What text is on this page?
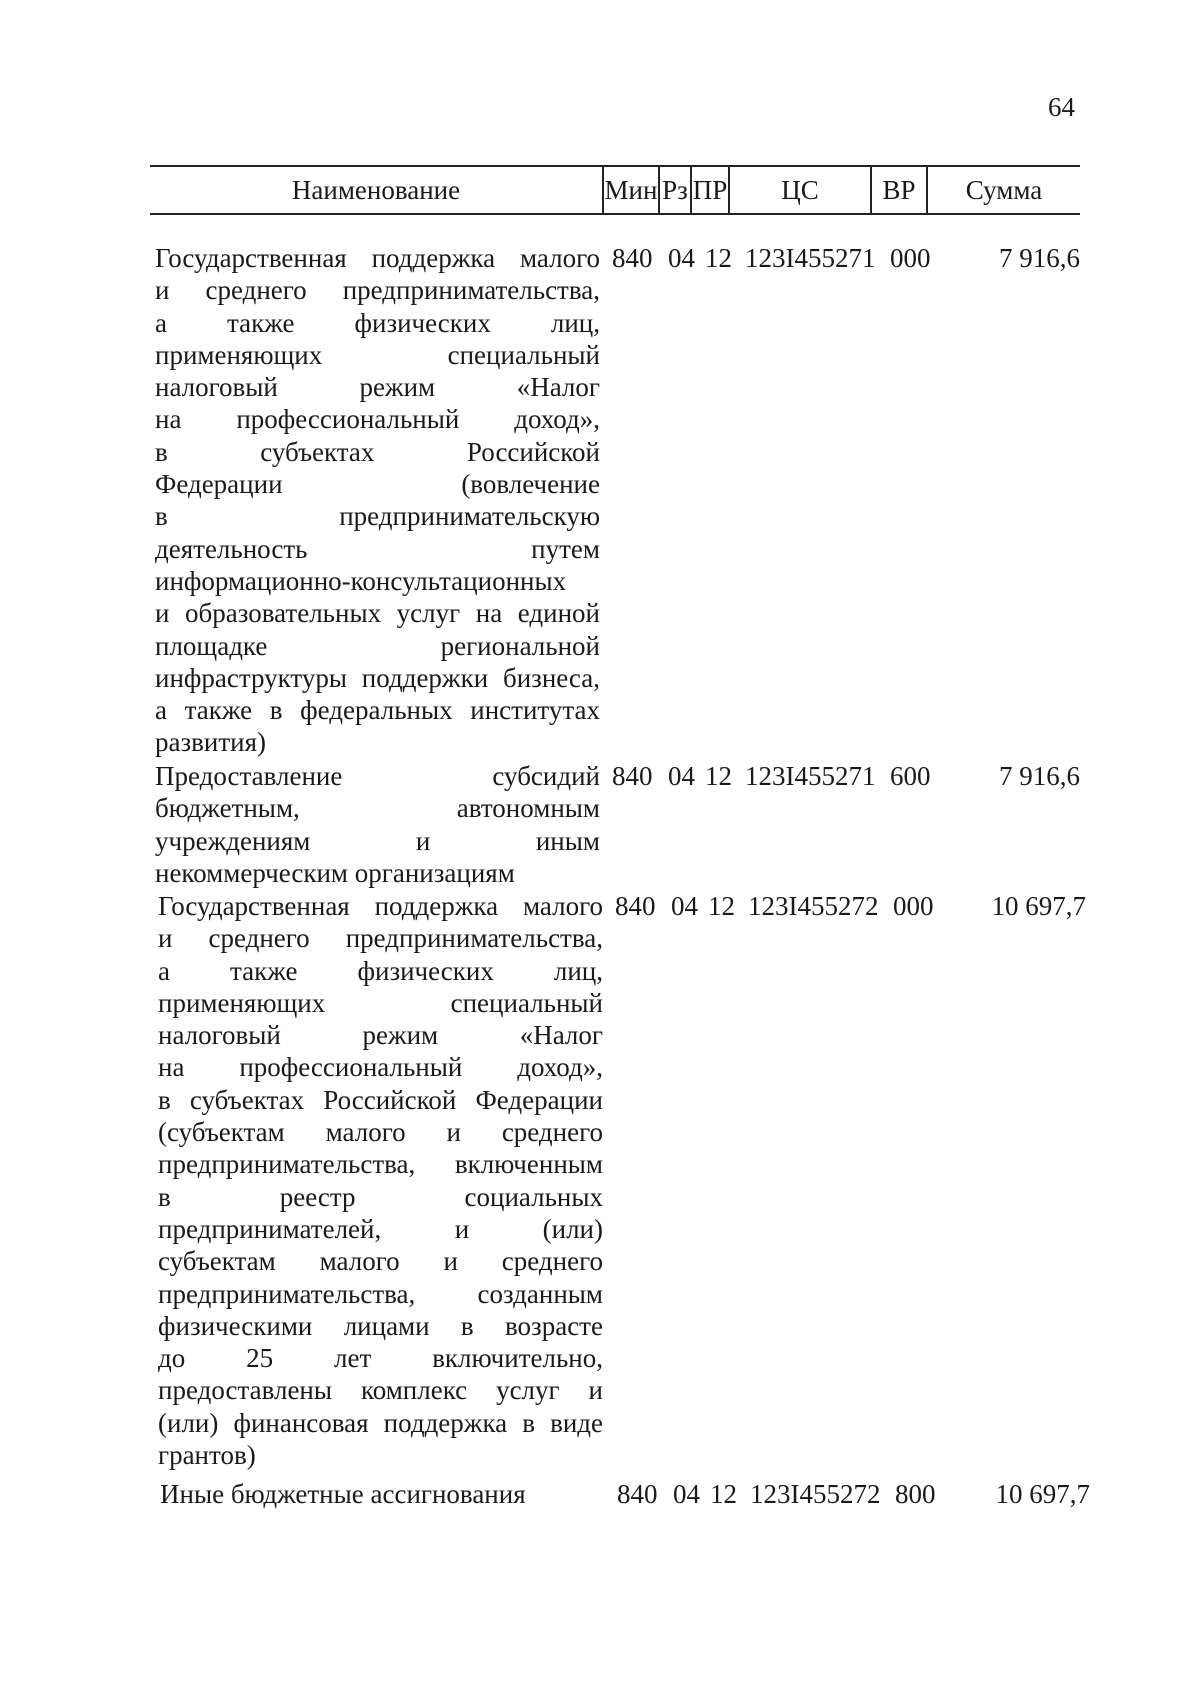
64
Наименование	Мин Рз ПР	ЦС	ВР	Сумма
Государственная поддержка малого
и среднего предпринимательства,
а также физических лиц,
применяющих	специальный
налоговый	режим	«Налог
на профессиональный доход»,
в	субъектах	Российской
Федерации	(вовлечение
в	предпринимательскую
деятельность	путем
информационно-консультационных
и образовательных услуг на единой
площадке	региональной
инфраструктуры поддержки бизнеса,
а также в федеральных институтах
развития)
840 04 12 123I455271 000	7 916,6
Предоставление	субсидий
бюджетным,	автономным
учреждениям	и	иным
некоммерческим организациям
840 04 12 123I455271 600	7 916,6
Государственная поддержка малого
и среднего предпринимательства,
а также физических лиц,
применяющих	специальный
налоговый	режим	«Налог
на профессиональный доход»,
в субъектах Российской Федерации
(субъектам малого и среднего
предпринимательства, включенным
в	реестр	социальных
предпринимателей,	и	(или)
субъектам малого и среднего
предпринимательства, созданным
физическими лицами в возрасте
до 25 лет включительно,
предоставлены комплекс услуг и
(или) финансовая поддержка в виде
грантов)
840 04 12 123I455272 000	10 697,7
Иные бюджетные ассигнования	840 04 12 123I455272 800	10 697,7
